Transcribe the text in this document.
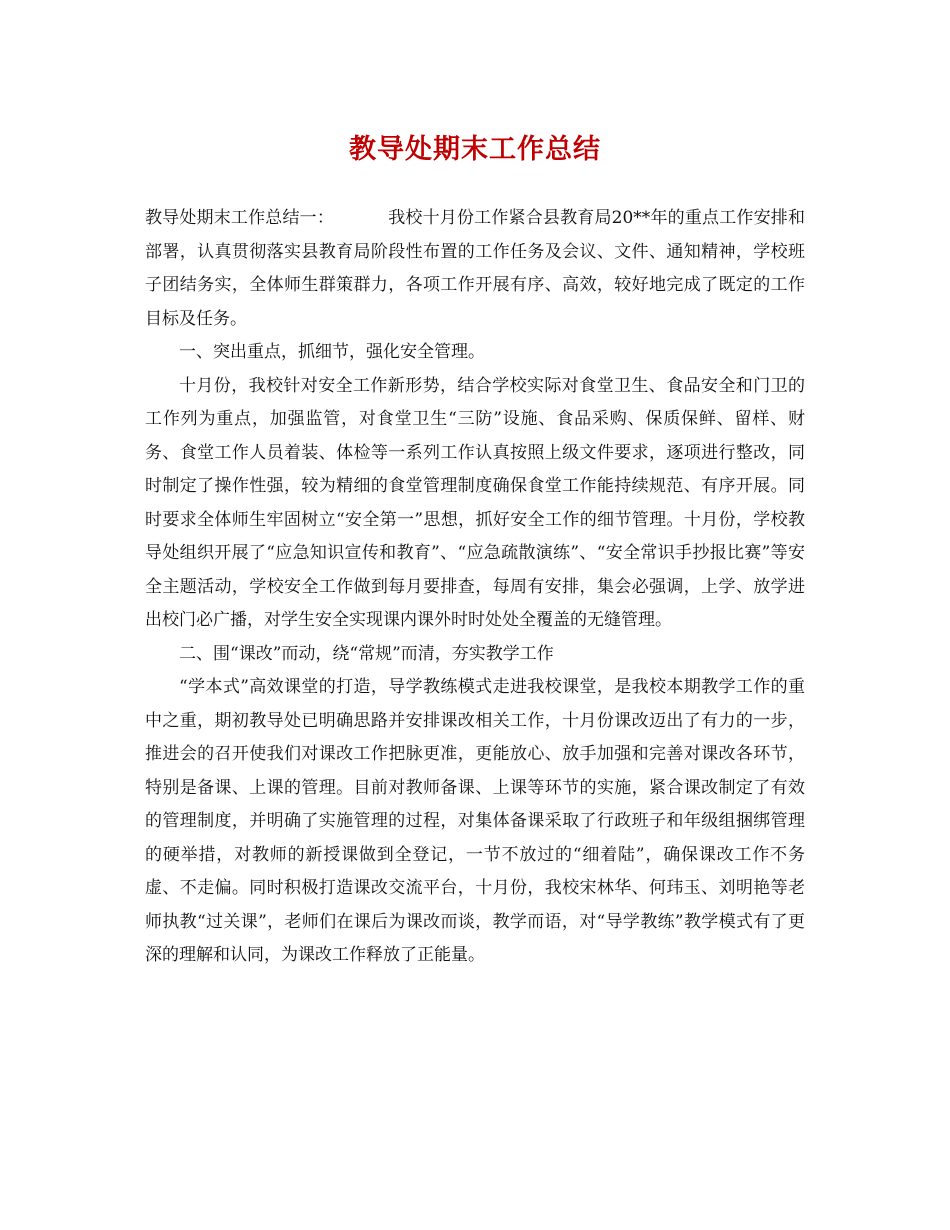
教导处期末工作总结

教导处期末工作总结一：	我校十月份工作紧合县教育局20**年的重点工作安排和部署，认真贯彻落实县教育局阶段性布置的工作任务及会议、文件、通知精神，学校班子团结务实，全体师生群策群力，各项工作开展有序、高效，较好地完成了既定的工作目标及任务。

一、突出重点，抓细节，强化安全管理。

十月份，我校针对安全工作新形势，结合学校实际对食堂卫生、食品安全和门卫的工作列为重点，加强监管，对食堂卫生“三防”设施、食品采购、保质保鲜、留样、财务、食堂工作人员着装、体检等一系列工作认真按照上级文件要求，逐项进行整改，同时制定了操作性强，较为精细的食堂管理制度确保食堂工作能持续规范、有序开展。同时要求全体师生牢固树立“安全第一”思想，抓好安全工作的细节管理。十月份，学校教导处组织开展了“应急知识宣传和教育”、“应急疏散演练”、“安全常识手抄报比赛”等安全主题活动，学校安全工作做到每月要排查，每周有安排，集会必强调，上学、放学进出校门必广播，对学生安全实现课内课外时时处处全覆盖的无缝管理。

二、围“课改”而动，绕“常规”而清，夯实教学工作

“学本式”高效课堂的打造，导学教练模式走进我校课堂，是我校本期教学工作的重中之重，期初教导处已明确思路并安排课改相关工作，十月份课改迈出了有力的一步，推进会的召开使我们对课改工作把脉更准，更能放心、放手加强和完善对课改各环节，特别是备课、上课的管理。目前对教师备课、上课等环节的实施，紧合课改制定了有效的管理制度，并明确了实施管理的过程，对集体备课采取了行政班子和年级组捆绑管理的硬举措，对教师的新授课做到全登记，一节不放过的“细着陆”，确保课改工作不务虚、不走偏。同时积极打造课改交流平台，十月份，我校宋林华、何玮玉、刘明艳等老师执教“过关课”，老师们在课后为课改而谈，教学而语，对“导学教练”教学模式有了更深的理解和认同，为课改工作释放了正能量。
